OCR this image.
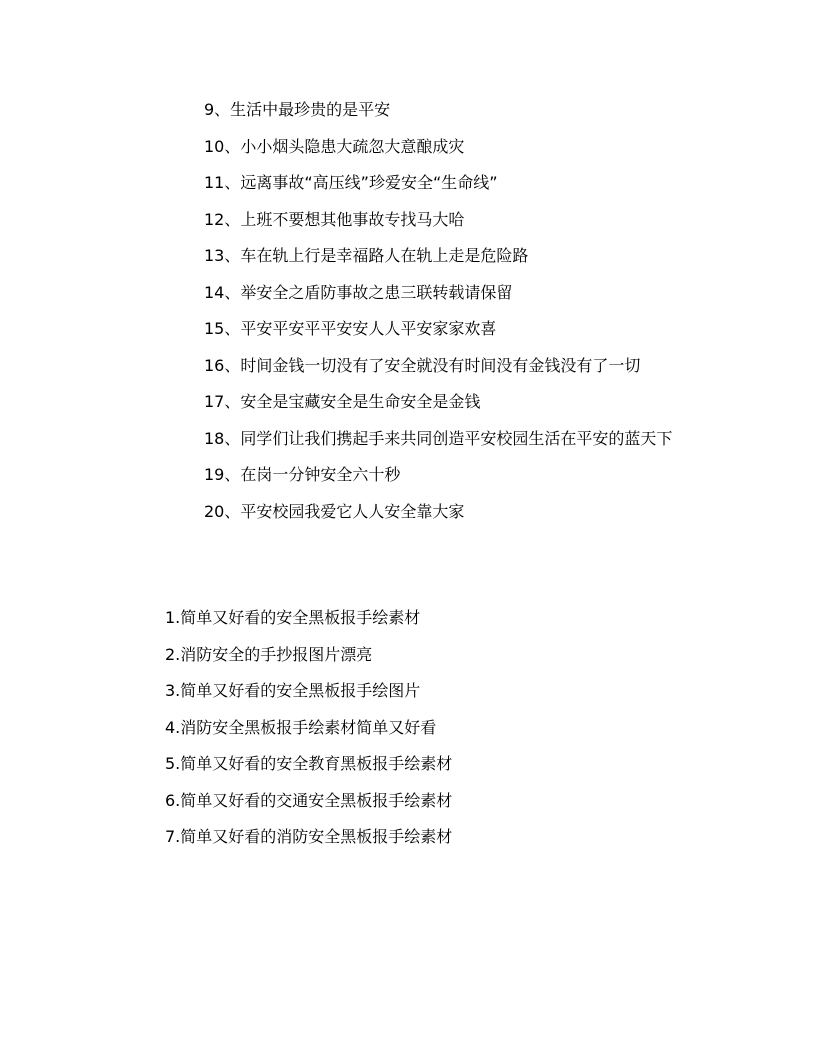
9、生活中最珍贵的是平安
10、小小烟头隐患大疏忽大意酿成灾
11、远离事故“高压线”珍爱安全“生命线”
12、上班不要想其他事故专找马大哈
13、车在轨上行是幸福路人在轨上走是危险路
14、举安全之盾防事故之患三联转载请保留
15、平安平安平平安安人人平安家家欢喜
16、时间金钱一切没有了安全就没有时间没有金钱没有了一切
17、安全是宝藏安全是生命安全是金钱
18、同学们让我们携起手来共同创造平安校园生活在平安的蓝天下
19、在岗一分钟安全六十秒
20、平安校园我爱它人人安全靠大家
1.简单又好看的安全黑板报手绘素材
2.消防安全的手抄报图片漂亮
3.简单又好看的安全黑板报手绘图片
4.消防安全黑板报手绘素材简单又好看
5.简单又好看的安全教育黑板报手绘素材
6.简单又好看的交通安全黑板报手绘素材
7.简单又好看的消防安全黑板报手绘素材
